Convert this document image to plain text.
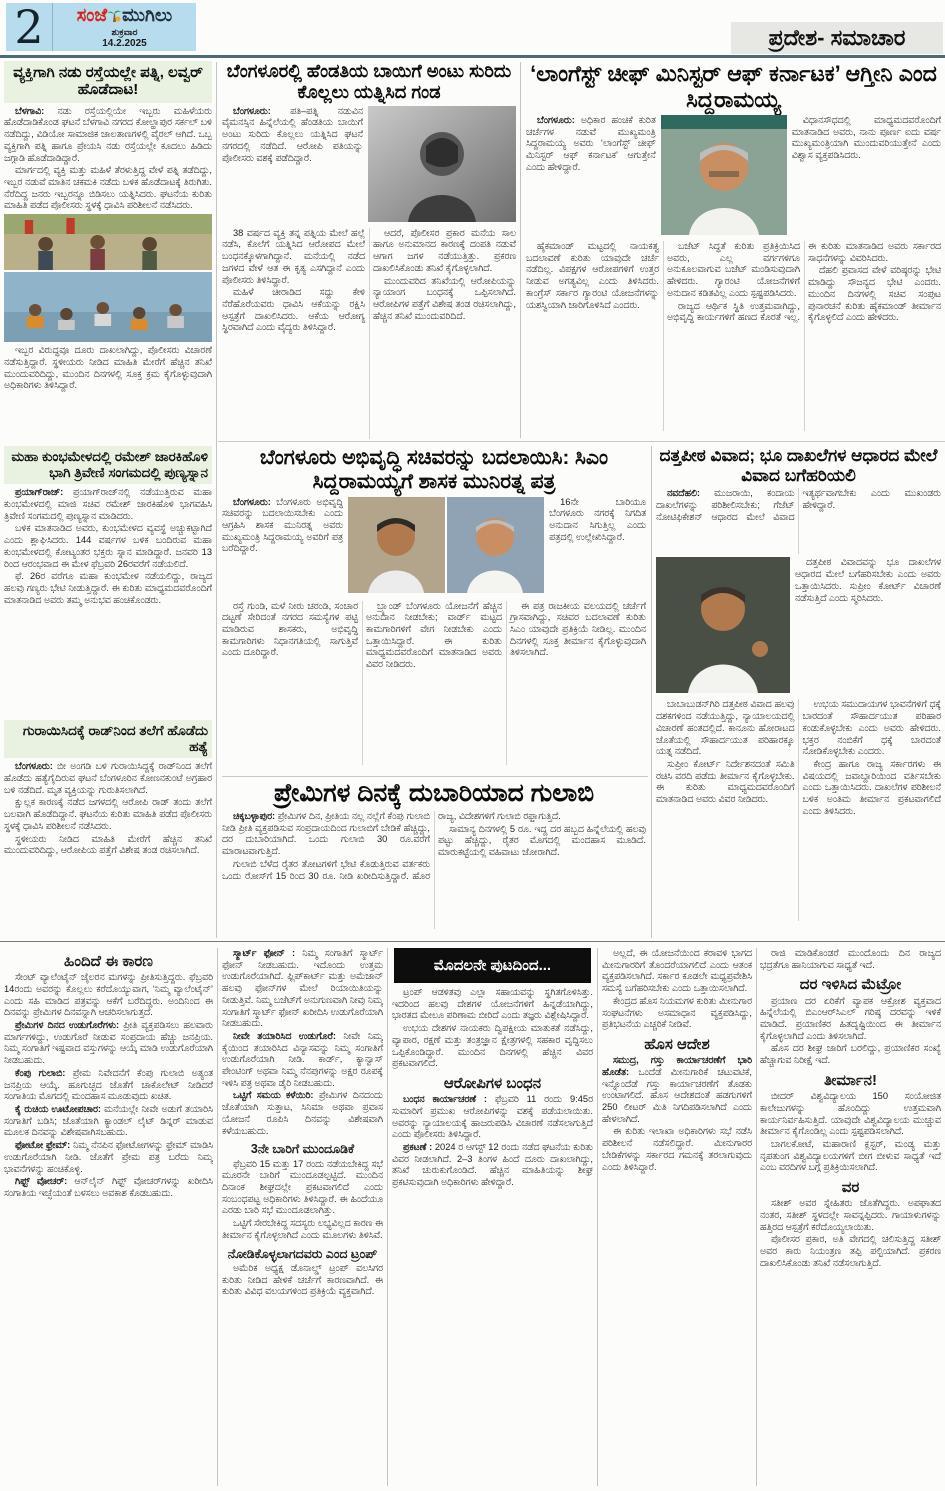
2	ಸಂಜೆ ಮುಗಿಲು
ಶುಕ್ರವಾರ
14.2.2025	ಪ್ರದೇಶ- ಸಮಾಚಾರ
ವ್ಯಕ್ತಿಗಾಗಿ ನಡು ರಸ್ತೆಯಲ್ಲೇ ಪತ್ನಿ, ಲವ್ವರ್ ಹೊಡೆದಾಟ!

ಬೆಳಗಾವಿ: ನಡು ರಸ್ತೆಯಲ್ಲಿಯೇ ಇಬ್ಬರು ಮಹಿಳೆಯರು ಹೊಡೆದಾಡಿಕೊಂಡ ಘಟನೆ ಬೆಳಗಾವಿ ನಗರದ ಕೋಲ್ಹಾಪುರ ಸರ್ಕಲ್ ಬಳಿ ನಡೆದಿದ್ದು, ವಿಡಿಯೋ ಸಾಮಾಜಿಕ ಜಾಲತಾಣಗಳಲ್ಲಿ ವೈರಲ್ ಆಗಿದೆ. ಒಬ್ಬ ವ್ಯಕ್ತಿಗಾಗಿ ಪತ್ನಿ ಹಾಗೂ ಪ್ರೇಯಸಿ ನಡು ರಸ್ತೆಯಲ್ಲೇ ಕೂದಲು ಹಿಡಿದು ಜಗ್ಗಾಡಿ ಹೊಡೆದಾಡಿದ್ದಾರೆ.

ಮಾರ್ಗದಲ್ಲಿ ವ್ಯಕ್ತಿ ಮತ್ತು ಮಹಿಳೆ ತೆರಳುತ್ತಿದ್ದ ವೇಳೆ ಪತ್ನಿ ತಡೆದಿದ್ದು, ಇಬ್ಬರ ನಡುವೆ ಮಾತಿನ ಚಕಮಕಿ ನಡೆದು ಬಳಿಕ ಹೊಡೆದಾಟಕ್ಕೆ ತಿರುಗಿತು. ನೆರೆದಿದ್ದ ಜನರು ಇಬ್ಬರನ್ನೂ ಬಿಡಿಸಲು ಯತ್ನಿಸಿದರು. ಘಟನೆಯ ಕುರಿತು ಮಾಹಿತಿ ಪಡೆದ ಪೊಲೀಸರು ಸ್ಥಳಕ್ಕೆ ಧಾವಿಸಿ ಪರಿಶೀಲನೆ ನಡೆಸಿದರು.

ಇಬ್ಬರ ವಿರುದ್ಧವೂ ದೂರು ದಾಖಲಾಗಿದ್ದು, ಪೊಲೀಸರು ವಿಚಾರಣೆ ನಡೆಸುತ್ತಿದ್ದಾರೆ. ಸ್ಥಳೀಯರು ನೀಡಿದ ಮಾಹಿತಿ ಮೇರೆಗೆ ಹೆಚ್ಚಿನ ತನಿಖೆ ಮುಂದುವರಿದಿದ್ದು, ಮುಂದಿನ ದಿನಗಳಲ್ಲಿ ಸೂಕ್ತ ಕ್ರಮ ಕೈಗೊಳ್ಳುವುದಾಗಿ ಅಧಿಕಾರಿಗಳು ತಿಳಿಸಿದ್ದಾರೆ.

ಬೆಂಗಳೂರಲ್ಲಿ ಹೆಂಡತಿಯ ಬಾಯಿಗೆ ಅಂಟು ಸುರಿದು ಕೊಲ್ಲಲು ಯತ್ನಿಸಿದ ಗಂಡ

ಬೆಂಗಳೂರು: ಪತಿ–ಪತ್ನಿ ನಡುವಿನ ವೈಮನಸ್ಸಿನ ಹಿನ್ನೆಲೆಯಲ್ಲಿ ಹೆಂಡತಿಯ ಬಾಯಿಗೆ ಅಂಟು ಸುರಿದು ಕೊಲ್ಲಲು ಯತ್ನಿಸಿದ ಘಟನೆ ನಗರದಲ್ಲಿ ನಡೆದಿದೆ. ಆರೋಪಿ ಪತಿಯನ್ನು ಪೊಲೀಸರು ವಶಕ್ಕೆ ಪಡೆದಿದ್ದಾರೆ.

38 ವರ್ಷದ ವ್ಯಕ್ತಿ ತನ್ನ ಪತ್ನಿಯ ಮೇಲೆ ಹಲ್ಲೆ ನಡೆಸಿ, ಕೊಲೆಗೆ ಯತ್ನಿಸಿದ ಆರೋಪದ ಮೇಲೆ ಬಂಧನಕ್ಕೊಳಗಾಗಿದ್ದಾನೆ. ಮನೆಯಲ್ಲಿ ನಡೆದ ಜಗಳದ ವೇಳೆ ಆತ ಈ ಕೃತ್ಯ ಎಸಗಿದ್ದಾನೆ ಎಂದು ಪೊಲೀಸರು ತಿಳಿಸಿದ್ದಾರೆ.

ಮಹಿಳೆ ಚೀರಾಡಿದ ಸದ್ದು ಕೇಳಿ ನೆರೆಹೊರೆಯವರು ಧಾವಿಸಿ ಆಕೆಯನ್ನು ರಕ್ಷಿಸಿ ಆಸ್ಪತ್ರೆಗೆ ದಾಖಲಿಸಿದರು. ಆಕೆಯ ಆರೋಗ್ಯ ಸ್ಥಿರವಾಗಿದೆ ಎಂದು ವೈದ್ಯರು ತಿಳಿಸಿದ್ದಾರೆ.

ಆದರೆ, ಪೊಲೀಸರ ಪ್ರಕಾರ ಮನೆಯ ಸಾಲ ಹಾಗೂ ಅನುಮಾನದ ಕಾರಣಕ್ಕೆ ದಂಪತಿ ನಡುವೆ ಆಗಾಗ ಜಗಳ ನಡೆಯುತ್ತಿತ್ತು. ಪ್ರಕರಣ ದಾಖಲಿಸಿಕೊಂಡು ತನಿಖೆ ಕೈಗೊಳ್ಳಲಾಗಿದೆ.

ಮುಂದುವರಿದ ತನಿಖೆಯಲ್ಲಿ ಆರೋಪಿಯನ್ನು ನ್ಯಾಯಾಂಗ ಬಂಧನಕ್ಕೆ ಒಪ್ಪಿಸಲಾಗಿದೆ. ಆರೋಪಿಗಳ ಪತ್ತೆಗೆ ವಿಶೇಷ ತಂಡ ರಚಿಸಲಾಗಿದ್ದು, ಹೆಚ್ಚಿನ ತನಿಖೆ ಮುಂದುವರಿದಿದೆ.

‘ಲಾಂಗೆಸ್ಟ್ ಚೀಫ್ ಮಿನಿಸ್ಟರ್ ಆಫ್ ಕರ್ನಾಟಕ’ ಆಗ್ತೀನಿ ಎಂದ ಸಿದ್ದರಾಮಯ್ಯ

ಬೆಂಗಳೂರು: ಅಧಿಕಾರ ಹಂಚಿಕೆ ಕುರಿತ ಚರ್ಚೆಗಳ ನಡುವೆ ಮುಖ್ಯಮಂತ್ರಿ ಸಿದ್ದರಾಮಯ್ಯ ಅವರು ‘ಲಾಂಗೆಸ್ಟ್ ಚೀಫ್ ಮಿನಿಸ್ಟರ್ ಆಫ್ ಕರ್ನಾಟಕ’ ಆಗುತ್ತೇನೆ ಎಂದು ಹೇಳಿದ್ದಾರೆ.

ವಿಧಾನಸೌಧದಲ್ಲಿ ಮಾಧ್ಯಮದವರೊಂದಿಗೆ ಮಾತನಾಡಿದ ಅವರು, ನಾನು ಪೂರ್ಣ ಐದು ವರ್ಷ ಮುಖ್ಯಮಂತ್ರಿಯಾಗಿ ಮುಂದುವರಿಯುತ್ತೇನೆ ಎಂದು ವಿಶ್ವಾಸ ವ್ಯಕ್ತಪಡಿಸಿದರು.

ಹೈಕಮಾಂಡ್ ಮಟ್ಟದಲ್ಲಿ ನಾಯಕತ್ವ ಬದಲಾವಣೆ ಕುರಿತು ಯಾವುದೇ ಚರ್ಚೆ ನಡೆದಿಲ್ಲ. ವಿಪಕ್ಷಗಳ ಆರೋಪಗಳಿಗೆ ಉತ್ತರ ನೀಡುವ ಅಗತ್ಯವಿಲ್ಲ ಎಂದು ತಿಳಿಸಿದರು. ಕಾಂಗ್ರೆಸ್ ಸರ್ಕಾರ ಗ್ಯಾರಂಟಿ ಯೋಜನೆಗಳನ್ನು ಯಶಸ್ವಿಯಾಗಿ ಜಾರಿಗೊಳಿಸಿದೆ ಎಂದರು.

ಬಜೆಟ್ ಸಿದ್ಧತೆ ಕುರಿತು ಪ್ರತಿಕ್ರಿಯಿಸಿದ ಅವರು, ಎಲ್ಲ ವರ್ಗಗಳಿಗೂ ಅನುಕೂಲವಾಗುವ ಬಜೆಟ್ ಮಂಡಿಸುವುದಾಗಿ ಹೇಳಿದರು. ಗ್ಯಾರಂಟಿ ಯೋಜನೆಗಳಿಗೆ ಅನುದಾನ ಕಡಿತವಿಲ್ಲ ಎಂದು ಸ್ಪಷ್ಟಪಡಿಸಿದರು.

ರಾಜ್ಯದ ಆರ್ಥಿಕ ಸ್ಥಿತಿ ಉತ್ತಮವಾಗಿದ್ದು, ಅಭಿವೃದ್ಧಿ ಕಾರ್ಯಗಳಿಗೆ ಹಣದ ಕೊರತೆ ಇಲ್ಲ. ಈ ಕುರಿತು ಮಾತನಾಡಿದ ಅವರು ಸರ್ಕಾರದ ಸಾಧನೆಗಳನ್ನು ವಿವರಿಸಿದರು.

ದೆಹಲಿ ಪ್ರವಾಸದ ವೇಳೆ ವರಿಷ್ಠರನ್ನು ಭೇಟಿ ಮಾಡಿದ್ದು ಸೌಜನ್ಯದ ಭೇಟಿ ಎಂದರು. ಮುಂದಿನ ದಿನಗಳಲ್ಲಿ ಸಚಿವ ಸಂಪುಟ ಪುನಾರಚನೆ ಕುರಿತು ಹೈಕಮಾಂಡ್ ತೀರ್ಮಾನ ಕೈಗೊಳ್ಳಲಿದೆ ಎಂದು ಹೇಳಿದರು.

ಮಹಾ ಕುಂಭಮೇಳದಲ್ಲಿ ರಮೇಶ್ ಜಾರಕಿಹೊಳಿ ಭಾಗಿ ತ್ರಿವೇಣಿ ಸಂಗಮದಲ್ಲಿ ಪುಣ್ಯಸ್ನಾನ

ಪ್ರಯಾಗ್‌ರಾಜ್: ಪ್ರಯಾಗ್‌ರಾಜ್‌ನಲ್ಲಿ ನಡೆಯುತ್ತಿರುವ ಮಹಾ ಕುಂಭಮೇಳದಲ್ಲಿ ಮಾಜಿ ಸಚಿವ ರಮೇಶ್ ಜಾರಕಿಹೊಳಿ ಭಾಗವಹಿಸಿ ತ್ರಿವೇಣಿ ಸಂಗಮದಲ್ಲಿ ಪುಣ್ಯಸ್ನಾನ ಮಾಡಿದರು.

ಬಳಿಕ ಮಾತನಾಡಿದ ಅವರು, ಕುಂಭಮೇಳದ ವ್ಯವಸ್ಥೆ ಅಚ್ಚುಕಟ್ಟಾಗಿದೆ ಎಂದು ಶ್ಲಾಘಿಸಿದರು. 144 ವರ್ಷಗಳ ಬಳಿಕ ಬಂದಿರುವ ಮಹಾ ಕುಂಭಮೇಳದಲ್ಲಿ ಕೋಟ್ಯಂತರ ಭಕ್ತರು ಸ್ನಾನ ಮಾಡಿದ್ದಾರೆ. ಜನವರಿ 13 ರಿಂದ ಆರಂಭವಾದ ಈ ಮೇಳ ಫೆಬ್ರವರಿ 26ರವರೆಗೆ ನಡೆಯಲಿದೆ.

ಫೆ. 26ರ ವರೆಗೂ ಮಹಾ ಕುಂಭಮೇಳ ನಡೆಯಲಿದ್ದು, ರಾಜ್ಯದ ಹಲವು ಗಣ್ಯರು ಭೇಟಿ ನೀಡುತ್ತಿದ್ದಾರೆ. ಈ ಕುರಿತು ಮಾಧ್ಯಮದವರೊಂದಿಗೆ ಮಾತನಾಡಿದ ಅವರು ತಮ್ಮ ಅನುಭವ ಹಂಚಿಕೊಂಡರು.

ಗುರಾಯಿಸಿದಕ್ಕೆ ರಾಡ್‌ನಿಂದ ತಲೆಗೆ ಹೊಡೆದು ಹತ್ಯೆ

ಬೆಂಗಳೂರು: ಬೀ ಅಂಗಡಿ ಬಳಿ ಗುರಾಯಿಸಿದ್ದಕ್ಕೆ ರಾಡ್‌ನಿಂದ ತಲೆಗೆ ಹೊಡೆದು ಹತ್ಯೆಗೈದಿರುವ ಘಟನೆ ಬೆಂಗಳೂರಿನ ಕೋಣನಕುಂಟೆ ಅಗ್ರಹಾರ ಬಳಿ ನಡೆದಿದೆ. ಮೃತ ವ್ಯಕ್ತಿಯನ್ನು ಗುರುತಿಸಲಾಗಿದೆ.

ಕ್ಷುಲ್ಲಕ ಕಾರಣಕ್ಕೆ ನಡೆದ ಜಗಳದಲ್ಲಿ ಆರೋಪಿ ರಾಡ್ ತಂದು ತಲೆಗೆ ಬಲವಾಗಿ ಹೊಡೆದಿದ್ದಾನೆ. ಘಟನೆಯ ಕುರಿತು ಮಾಹಿತಿ ಪಡೆದ ಪೊಲೀಸರು ಸ್ಥಳಕ್ಕೆ ಧಾವಿಸಿ ಪರಿಶೀಲನೆ ನಡೆಸಿದರು.

ಸ್ಥಳೀಯರು ನೀಡಿದ ಮಾಹಿತಿ ಮೇರೆಗೆ ಹೆಚ್ಚಿನ ತನಿಖೆ ಮುಂದುವರಿದಿದ್ದು, ಆರೋಪಿಯ ಪತ್ತೆಗೆ ವಿಶೇಷ ತಂಡ ರಚಿಸಲಾಗಿದೆ.

ಬೆಂಗಳೂರು ಅಭಿವೃದ್ಧಿ ಸಚಿವರನ್ನು ಬದಲಾಯಿಸಿ: ಸಿಎಂ ಸಿದ್ದರಾಮಯ್ಯಗೆ ಶಾಸಕ ಮುನಿರತ್ನ ಪತ್ರ

ಬೆಂಗಳೂರು: ಬೆಂಗಳೂರು ಅಭಿವೃದ್ಧಿ ಸಚಿವರನ್ನು ಬದಲಾಯಿಸಬೇಕು ಎಂದು ಆಗ್ರಹಿಸಿ ಶಾಸಕ ಮುನಿರತ್ನ ಅವರು ಮುಖ್ಯಮಂತ್ರಿ ಸಿದ್ದರಾಮಯ್ಯ ಅವರಿಗೆ ಪತ್ರ ಬರೆದಿದ್ದಾರೆ.

16ನೇ ಬಾರಿಯೂ ಬೆಂಗಳೂರು ನಗರಕ್ಕೆ ನಿಗದಿತ ಅನುದಾನ ಸಿಗುತ್ತಿಲ್ಲ ಎಂದು ಪತ್ರದಲ್ಲಿ ಉಲ್ಲೇಖಿಸಿದ್ದಾರೆ.

ರಸ್ತೆ ಗುಂಡಿ, ಮಳೆ ನೀರು ಚರಂಡಿ, ಸಂಚಾರ ದಟ್ಟಣೆ ಸೇರಿದಂತೆ ನಗರದ ಸಮಸ್ಯೆಗಳ ಪಟ್ಟಿ ಮಾಡಿರುವ ಶಾಸಕರು, ಅಭಿವೃದ್ಧಿ ಕಾಮಗಾರಿಗಳು ನಿಧಾನಗತಿಯಲ್ಲಿ ಸಾಗುತ್ತಿವೆ ಎಂದು ದೂರಿದ್ದಾರೆ.

ಬ್ರ್ಯಾಂಡ್ ಬೆಂಗಳೂರು ಯೋಜನೆಗೆ ಹೆಚ್ಚಿನ ಅನುದಾನ ನೀಡಬೇಕು; ವಾರ್ಡ್ ಮಟ್ಟದ ಕಾಮಗಾರಿಗಳಿಗೆ ವೇಗ ನೀಡಬೇಕು ಎಂದು ಒತ್ತಾಯಿಸಿದ್ದಾರೆ. ಈ ಕುರಿತು ಮಾಧ್ಯಮದವರೊಂದಿಗೆ ಮಾತನಾಡಿದ ಅವರು ವಿವರ ನೀಡಿದರು.

ಈ ಪತ್ರ ರಾಜಕೀಯ ವಲಯದಲ್ಲಿ ಚರ್ಚೆಗೆ ಗ್ರಾಸವಾಗಿದ್ದು, ಸಚಿವರ ಬದಲಾವಣೆ ಕುರಿತು ಸಿಎಂ ಯಾವುದೇ ಪ್ರತಿಕ್ರಿಯೆ ನೀಡಿಲ್ಲ. ಮುಂದಿನ ದಿನಗಳಲ್ಲಿ ಸೂಕ್ತ ತೀರ್ಮಾನ ಕೈಗೊಳ್ಳುವುದಾಗಿ ತಿಳಿಸಲಾಗಿದೆ.

ದತ್ತಪೀಠ ವಿವಾದ; ಭೂ ದಾಖಲೆಗಳ ಆಧಾರದ ಮೇಲೆ ವಿವಾದ ಬಗೆಹರಿಯಲಿ

ನವದೆಹಲಿ: ಮುಜರಾಯಿ, ಕಂದಾಯ ದಾಖಲೆಗಳನ್ನು ಪರಿಶೀಲಿಸಬೇಕು; ಗೆಜೆಟ್ ನೋಟಿಫಿಕೇಶನ್ ಆಧಾರದ ಮೇಲೆ ವಿವಾದ ಇತ್ಯರ್ಥವಾಗಬೇಕು ಎಂದು ಮುಖಂಡರು ಹೇಳಿದ್ದಾರೆ.

ದತ್ತಪೀಠ ವಿವಾದವನ್ನು ಭೂ ದಾಖಲೆಗಳ ಆಧಾರದ ಮೇಲೆ ಬಗೆಹರಿಸಬೇಕು ಎಂದು ಅವರು ಒತ್ತಾಯಿಸಿದರು. ಸುಪ್ರೀಂ ಕೋರ್ಟ್ ವಿಚಾರಣೆ ನಡೆಸುತ್ತಿದೆ ಎಂದು ಸ್ಮರಿಸಿದರು.

ಬಾಬಾಬುಡನ್‌ಗಿರಿ ದತ್ತಪೀಠ ವಿವಾದ ಹಲವು ದಶಕಗಳಿಂದ ನಡೆಯುತ್ತಿದ್ದು, ನ್ಯಾಯಾಲಯದಲ್ಲಿ ವಿಚಾರಣೆ ಹಂತದಲ್ಲಿದೆ. ಕಾನೂನು ಹೋರಾಟದ ಜೊತೆಯಲ್ಲಿ ಸೌಹಾರ್ದಯುತ ಪರಿಹಾರಕ್ಕೂ ಯತ್ನ ನಡೆದಿದೆ.

ಸುಪ್ರೀಂ ಕೋರ್ಟ್ ನಿರ್ದೇಶನದಂತೆ ಸಮಿತಿ ರಚಿಸಿ ವರದಿ ಪಡೆದು ತೀರ್ಮಾನ ಕೈಗೊಳ್ಳಬೇಕು. ಈ ಕುರಿತು ಮಾಧ್ಯಮದವರೊಂದಿಗೆ ಮಾತನಾಡಿದ ಅವರು ವಿವರ ನೀಡಿದರು.

ಉಭಯ ಸಮುದಾಯಗಳ ಭಾವನೆಗಳಿಗೆ ಧಕ್ಕೆ ಬಾರದಂತೆ ಸೌಹಾರ್ದಯುತ ಪರಿಹಾರ ಕಂಡುಕೊಳ್ಳಬೇಕು ಎಂದು ಅವರು ಹೇಳಿದರು. ಭಕ್ತರ ನಂಬಿಕೆಗೆ ಧಕ್ಕೆ ಬಾರದಂತೆ ನೋಡಿಕೊಳ್ಳಬೇಕು ಎಂದರು.

ಕೇಂದ್ರ ಹಾಗೂ ರಾಜ್ಯ ಸರ್ಕಾರಗಳು ಈ ವಿಷಯದಲ್ಲಿ ಜವಾಬ್ದಾರಿಯಿಂದ ವರ್ತಿಸಬೇಕು ಎಂದು ಒತ್ತಾಯಿಸಿದರು. ದಾಖಲೆಗಳ ಪರಿಶೀಲನೆ ಬಳಿಕ ಅಂತಿಮ ತೀರ್ಮಾನ ಪ್ರಕಟವಾಗಲಿದೆ ಎಂದು ತಿಳಿಸಿದರು.

ಪ್ರೇಮಿಗಳ ದಿನಕ್ಕೆ ದುಬಾರಿಯಾದ ಗುಲಾಬಿ

ಚಿಕ್ಕಬಳ್ಳಾಪುರ: ಪ್ರೇಮಿಗಳ ದಿನ, ಪ್ರೀತಿಯ ನಲ್ಲ ನಲ್ಲೆಗೆ ಕೆಂಪು ಗುಲಾಬಿ ನೀಡಿ ಪ್ರೀತಿ ವ್ಯಕ್ತಪಡಿಸುವ ಸಂಪ್ರದಾಯದಿಂದ ಗುಲಾಬಿಗೆ ಬೇಡಿಕೆ ಹೆಚ್ಚಿದ್ದು, ದರ ದುಬಾರಿಯಾಗಿದೆ. ಒಂದು ಗುಲಾಬಿ 30 ರೂ.ವರೆಗೆ ಮಾರಾಟವಾಗುತ್ತಿದೆ.

ಗುಲಾಬಿ ಬೆಳೆದ ರೈತರ ತೋಟಗಳಿಗೆ ಭೇಟಿ ಕೊಡುತ್ತಿರುವ ವರ್ತಕರು ಒಂದು ರೋಸ್‌ಗೆ 15 ರಿಂದ 30 ರೂ. ನೀಡಿ ಖರೀದಿಸುತ್ತಿದ್ದಾರೆ. ಹೊರ ರಾಜ್ಯ, ವಿದೇಶಗಳಿಗೆ ಗುಲಾಬಿ ರಫ್ತಾಗುತ್ತಿದೆ.

ಸಾಮಾನ್ಯ ದಿನಗಳಲ್ಲಿ 5 ರೂ. ಇದ್ದ ದರ ಹಬ್ಬದ ಹಿನ್ನೆಲೆಯಲ್ಲಿ ಹಲವು ಪಟ್ಟು ಹೆಚ್ಚಿದ್ದು, ರೈತರ ಮೊಗದಲ್ಲಿ ಮಂದಹಾಸ ಮೂಡಿದೆ. ಮಾರುಕಟ್ಟೆಯಲ್ಲಿ ವಹಿವಾಟು ಜೋರಾಗಿದೆ.

ಹಿಂದಿದೆ ಈ ಕಾರಣ

ಸೇಂಟ್ ವ್ಯಾಲೆಂಟೈನ್ ಜೈಲರನ ಮಗಳನ್ನು ಪ್ರೀತಿಸುತ್ತಿದ್ದರು. ಫೆಬ್ರವರಿ 14ರಂದು ಅವರನ್ನು ಕೊಲ್ಲಲು ಕರೆದೊಯ್ಯುವಾಗ, ‘ನಿಮ್ಮ ವ್ಯಾಲೆಂಟೈನ್’ ಎಂದು ಸಹಿ ಮಾಡಿದ ಪತ್ರವನ್ನು ಆಕೆಗೆ ಬರೆದಿದ್ದರು. ಅಂದಿನಿಂದ ಈ ದಿನವನ್ನು ಪ್ರೇಮಿಗಳ ದಿನವನ್ನಾಗಿ ಆಚರಿಸಲಾಗುತ್ತದೆ.

ಪ್ರೇಮಿಗಳ ದಿನದ ಉಡುಗೊರೆಗಳು: ಪ್ರೀತಿ ವ್ಯಕ್ತಪಡಿಸಲು ಹಲವಾರು ಮಾರ್ಗಗಳಿದ್ದು, ಉಡುಗೊರೆ ನೀಡುವ ಸಂಪ್ರದಾಯ ಹೆಚ್ಚು ಜನಪ್ರಿಯ. ನಿಮ್ಮ ಸಂಗಾತಿಗೆ ಇಷ್ಟವಾದ ವಸ್ತುಗಳನ್ನು ಆಯ್ಕೆ ಮಾಡಿ ಉಡುಗೊರೆಯಾಗಿ ನೀಡಬಹುದು.

ಕೆಂಪು ಗುಲಾಬಿ: ಪ್ರೇಮ ನಿವೇದನೆಗೆ ಕೆಂಪು ಗುಲಾಬಿ ಅತ್ಯಂತ ಜನಪ್ರಿಯ ಆಯ್ಕೆ. ಹೂಗುಚ್ಛದ ಜೊತೆಗೆ ಚಾಕೊಲೇಟ್ ನೀಡಿದರೆ ಸಂಗಾತಿಯ ಮೊಗದಲ್ಲಿ ಮಂದಹಾಸ ಮೂಡುವುದು ಖಚಿತ.

ಕೈ ರುಚಿಯ ಊಟೋಪಚಾರ: ಮನೆಯಲ್ಲೇ ನೀವೇ ಅಡುಗೆ ತಯಾರಿಸಿ ಸಂಗಾತಿಗೆ ಬಡಿಸಿ; ಜೊತೆಯಾಗಿ ಕ್ಯಾಂಡಲ್ ಲೈಟ್ ಡಿನ್ನರ್ ಮಾಡುವ ಮೂಲಕ ದಿನವನ್ನು ವಿಶೇಷವಾಗಿಸಬಹುದು.

ಫೋಟೋ ಫ್ರೇಮ್: ನಿಮ್ಮ ನೆನಪಿನ ಫೋಟೋಗಳನ್ನು ಫ್ರೇಮ್ ಮಾಡಿಸಿ ಉಡುಗೊರೆಯಾಗಿ ನೀಡಿ. ಜೊತೆಗೆ ಪ್ರೇಮ ಪತ್ರ ಬರೆದು ನಿಮ್ಮ ಭಾವನೆಗಳನ್ನು ಹಂಚಿಕೊಳ್ಳಿ.

ಗಿಫ್ಟ್ ವೋಚರ್: ಆನ್‌ಲೈನ್ ಗಿಫ್ಟ್ ವೋಚರ್‌ಗಳನ್ನು ಖರೀದಿಸಿ ಸಂಗಾತಿಯ ಇಚ್ಛೆಯಂತೆ ಬಳಸಲು ಅವಕಾಶ ಕೊಡಬಹುದು.

ಸ್ಮಾರ್ಟ್ ಫೋನ್ : ನಿಮ್ಮ ಸಂಗಾತಿಗೆ ಸ್ಮಾರ್ಟ್ ಫೋನ್ ನೀಡಬಹುದು. ಇದೊಂದು ಉತ್ತಮ ಉಡುಗೊರೆಯಾಗಿದೆ. ಫ್ಲಿಪ್‌ಕಾರ್ಟ್ ಮತ್ತು ಅಮೆಜಾನ್ ಹಲವು ಫೋನ್‌ಗಳ ಮೇಲೆ ರಿಯಾಯಿತಿಯನ್ನು ನೀಡುತ್ತಿವೆ. ನಿಮ್ಮ ಬಜೆಟ್‌ಗೆ ಅನುಗುಣವಾಗಿ ನೀವು ನಿಮ್ಮ ಸಂಗಾತಿಗೆ ಸ್ಮಾರ್ಟ್ ಫೋನ್ ಖರೀದಿಸಿ ಉಡುಗೊರೆಯಾಗಿ ನೀಡಬಹುದು.

ನೀವೇ ತಯಾರಿಸಿದ ಉಡುಗೊರೆ: ನೀವೇ ನಿಮ್ಮ ಕೈಯಿಂದ ತಯಾರಿಸಿದ ವಿನ್ಯಾಸವನ್ನು ನಿಮ್ಮ ಸಂಗಾತಿಗೆ ಉಡುಗೊರೆಯಾಗಿ ನೀಡಿ. ಕಾರ್ಡ್, ಕ್ಯಾನ್ವಾಸ್ ಪೇಂಟಿಂಗ್ ಅಥವಾ ನಿಮ್ಮ ನೆನಪುಗಳನ್ನು ಅಕ್ಷರ ರೂಪಕ್ಕೆ ಇಳಿಸಿ ಪತ್ರ ಅಥವಾ ಡೈರಿ ನೀಡಬಹುದು.

ಒಟ್ಟಿಗೆ ಸಮಯ ಕಳೆಯಿರಿ: ಪ್ರೇಮಿಗಳ ದಿನದಂದು ಜೊತೆಯಾಗಿ ಸುತ್ತಾಟ, ಸಿನಿಮಾ ಅಥವಾ ಪ್ರವಾಸ ಯೋಜನೆ ರೂಪಿಸಿ ದಿನವನ್ನು ವಿಶೇಷವಾಗಿ ಕಳೆಯಬಹುದು.

3ನೇ ಬಾರಿಗೆ ಮುಂದೂಡಿಕೆ

ಫೆಬ್ರವರಿ 15 ಮತ್ತು 17 ರಂದು ನಡೆಯಬೇಕಿದ್ದ ಸಭೆ ಮೂರನೇ ಬಾರಿಗೆ ಮುಂದೂಡಲ್ಪಟ್ಟಿದೆ. ಮುಂದಿನ ದಿನಾಂಕ ಶೀಘ್ರದಲ್ಲೇ ಪ್ರಕಟವಾಗಲಿದೆ ಎಂದು ಸಂಬಂಧಪಟ್ಟ ಅಧಿಕಾರಿಗಳು ತಿಳಿಸಿದ್ದಾರೆ. ಈ ಹಿಂದೆಯೂ ಎರಡು ಬಾರಿ ಸಭೆ ಮುಂದೂಡಲಾಗಿತ್ತು.

ಒಟ್ಟಿಗೆ ಸೇರಬೇಕಿದ್ದ ಸದಸ್ಯರು ಲಭ್ಯವಿಲ್ಲದ ಕಾರಣ ಈ ತೀರ್ಮಾನ ಕೈಗೊಳ್ಳಲಾಗಿದೆ ಎಂದು ಮೂಲಗಳು ತಿಳಿಸಿವೆ.

ನೋಡಿಕೊಳ್ಳಲಾಗದವರು ಎಂದ ಟ್ರಂಪ್

ಅಮೆರಿಕ ಅಧ್ಯಕ್ಷ ಡೊನಾಲ್ಡ್ ಟ್ರಂಪ್ ವಲಸಿಗರ ಕುರಿತು ನೀಡಿದ ಹೇಳಿಕೆ ಚರ್ಚೆಗೆ ಕಾರಣವಾಗಿದೆ. ಈ ಕುರಿತು ವಿವಿಧ ವಲಯಗಳಿಂದ ಪ್ರತಿಕ್ರಿಯೆ ವ್ಯಕ್ತವಾಗಿದೆ.

ಮೊದಲನೇ ಪುಟದಿಂದ...

ಟ್ರಂಪ್ ಆಡಳಿತವು ಎಲ್ಲಾ ಸಹಾಯವನ್ನು ಸ್ಥಗಿತಗೊಳಿಸಿತ್ತು. ಇದರಿಂದ ಹಲವು ದೇಶಗಳ ಯೋಜನೆಗಳಿಗೆ ಹಿನ್ನಡೆಯಾಗಿದ್ದು, ಭಾರತದ ಮೇಲೂ ಪರಿಣಾಮ ಬೀರಿದೆ ಎಂದು ತಜ್ಞರು ವಿಶ್ಲೇಷಿಸಿದ್ದಾರೆ.

ಉಭಯ ದೇಶಗಳ ನಾಯಕರು ದ್ವಿಪಕ್ಷೀಯ ಮಾತುಕತೆ ನಡೆಸಿದ್ದು, ವ್ಯಾಪಾರ, ರಕ್ಷಣೆ ಮತ್ತು ತಂತ್ರಜ್ಞಾನ ಕ್ಷೇತ್ರಗಳಲ್ಲಿ ಸಹಕಾರ ವೃದ್ಧಿಸಲು ಒಪ್ಪಿಕೊಂಡಿದ್ದಾರೆ. ಮುಂದಿನ ದಿನಗಳಲ್ಲಿ ಹೆಚ್ಚಿನ ವಿವರ ಪ್ರಕಟವಾಗಲಿದೆ.

ಆರೋಪಿಗಳ ಬಂಧನ

ಬಂಧನ ಕಾರ್ಯಾಚರಣೆ : ಫೆಬ್ರವರಿ 11 ರಂದು 9:45ರ ಸುಮಾರಿಗೆ ಪ್ರಮುಖ ಆರೋಪಿಗಳನ್ನು ವಶಕ್ಕೆ ಪಡೆಯಲಾಯಿತು. ಅವರನ್ನು ನ್ಯಾಯಾಲಯಕ್ಕೆ ಹಾಜರುಪಡಿಸಿ ವಿಚಾರಣೆ ನಡೆಸಲಾಗುತ್ತಿದೆ ಎಂದು ಪೊಲೀಸರು ತಿಳಿಸಿದ್ದಾರೆ.

ಪ್ರಕಟಣೆ : 2024 ರ ಆಗಸ್ಟ್ 12 ರಂದು ನಡೆದ ಘಟನೆಯ ಕುರಿತು ವಿವರ ನೀಡಲಾಗಿದೆ. 2–3 ತಿಂಗಳ ಹಿಂದೆ ದೂರು ದಾಖಲಾಗಿದ್ದು, ತನಿಖೆ ಚುರುಕುಗೊಂಡಿದೆ. ಹೆಚ್ಚಿನ ಮಾಹಿತಿಯನ್ನು ಶೀಘ್ರ ಪ್ರಕಟಿಸುವುದಾಗಿ ಅಧಿಕಾರಿಗಳು ಹೇಳಿದ್ದಾರೆ.

ಅಲ್ಲದೆ, ಈ ಯೋಜನೆಯಿಂದ ಕರಾವಳಿ ಭಾಗದ ಮೀನುಗಾರರಿಗೆ ತೊಂದರೆಯಾಗಲಿದೆ ಎಂದು ಆತಂಕ ವ್ಯಕ್ತಪಡಿಸಲಾಗಿದೆ. ಸರ್ಕಾರ ಕೂಡಲೇ ಮಧ್ಯಪ್ರವೇಶಿಸಿ ಸಮಸ್ಯೆ ಬಗೆಹರಿಸಬೇಕು ಎಂದು ಒತ್ತಾಯಿಸಲಾಗಿದೆ.

ಕೇಂದ್ರದ ಹೊಸ ನಿಯಮಗಳ ಕುರಿತು ಮೀನುಗಾರ ಸಂಘಟನೆಗಳು ಅಸಮಾಧಾನ ವ್ಯಕ್ತಪಡಿಸಿದ್ದು, ಪ್ರತಿಭಟನೆಯ ಎಚ್ಚರಿಕೆ ನೀಡಿವೆ.

ಹೊಸ ಆದೇಶ

ಸಮುದ್ರ, ಗಸ್ತು ಕಾರ್ಯಾಚರಣೆಗೆ ಭಾರಿ ಹೊಡೆತ: ಒಂದೆಡೆ ಮೀನುಗಾರಿಕೆ ಚಟುವಟಿಕೆ, ಇನ್ನೊಂದೆಡೆ ಗಸ್ತು ಕಾರ್ಯಾಚರಣೆಗೆ ತೊಡಕು ಉಂಟಾಗಲಿದೆ. ಹೊಸ ಆದೇಶದಂತೆ ಹಡಗುಗಳಿಗೆ 250 ಲೀಟರ್ ಮಿತಿ ನಿಗದಿಪಡಿಸಲಾಗಿದೆ ಎಂದು ಹೇಳಲಾಗಿದೆ.

ಈ ಕುರಿತು ಇಲಾಖಾ ಅಧಿಕಾರಿಗಳು ಸಭೆ ನಡೆಸಿ ಪರಿಶೀಲನೆ ನಡೆಸಲಿದ್ದಾರೆ. ಮೀನುಗಾರರ ಬೇಡಿಕೆಗಳನ್ನು ಸರ್ಕಾರದ ಗಮನಕ್ಕೆ ತರಲಾಗುವುದು ಎಂದು ತಿಳಿಸಿದ್ದಾರೆ.

ರಾಜಿ ಮಾಡಿಕೊಂಡರೆ ಮುಂದೊಂದು ದಿನ ರಾಜ್ಯದ ಭದ್ರತೆಗೂ ಹಾನಿಯಾಗುವ ಸಾಧ್ಯತೆ ಇದೆ.

ದರ ಇಳಿಸಿದ ಮೆಟ್ರೋ

ಪ್ರಯಾಣ ದರ ಏರಿಕೆಗೆ ವ್ಯಾಪಕ ಆಕ್ರೋಶ ವ್ಯಕ್ತವಾದ ಹಿನ್ನೆಲೆಯಲ್ಲಿ ಬಿಎಂಆರ್‌ಸಿಎಲ್ ಗರಿಷ್ಠ ದರವನ್ನು ಇಳಿಕೆ ಮಾಡಿದೆ. ಪ್ರಯಾಣಿಕರ ಹಿತದೃಷ್ಟಿಯಿಂದ ಈ ತೀರ್ಮಾನ ಕೈಗೊಳ್ಳಲಾಗಿದೆ ಎಂದು ತಿಳಿಸಲಾಗಿದೆ.

ಹೊಸ ದರ ಶೀಘ್ರ ಜಾರಿಗೆ ಬರಲಿದ್ದು, ಪ್ರಯಾಣಿಕರ ಸಂಖ್ಯೆ ಹೆಚ್ಚಾಗುವ ನಿರೀಕ್ಷೆ ಇದೆ.

ತೀರ್ಮಾನ!

ಬೀದರ್ ವಿಶ್ವವಿದ್ಯಾಲಯ 150 ಸಂಯೋಜಿತ ಕಾಲೇಜುಗಳನ್ನು ಹೊಂದಿದ್ದು ಉತ್ತಮವಾಗಿ ಕಾರ್ಯನಿರ್ವಹಿಸುತ್ತಿದೆ. ಯಾವುದೇ ವಿಶ್ವವಿದ್ಯಾಲಯ ಮುಚ್ಚುವ ತೀರ್ಮಾನ ಕೈಗೊಂಡಿಲ್ಲ ಎಂದು ಸ್ಪಷ್ಟಪಡಿಸಲಾಗಿದೆ.

ಬಾಗಲಕೋಟೆ, ಮಹಾರಾಣಿ ಕ್ಲಸ್ಟರ್, ಮಂಡ್ಯ ಮತ್ತು ನೃಪತುಂಗ ವಿಶ್ವವಿದ್ಯಾಲಯಗಳಿಗೆ ಬೀಗ ಬೀಳುವ ಸಾಧ್ಯತೆ ಇದೆ ಎಂಬ ವರದಿಗಳ ಬಗ್ಗೆ ಪ್ರತಿಕ್ರಿಯಿಸಲಾಗಿದೆ.

ವರ

ಸತೀಶ್ ಅವರ ಸ್ನೇಹಿತರು ಜೊತೆಗಿದ್ದರು. ಅಪಘಾತದ ನಂತರ, ಸತೀಶ್ ಸ್ಥಳದಲ್ಲೇ ಸಾವನ್ನಪ್ಪಿದರು. ಗಾಯಾಳುಗಳನ್ನು ಹತ್ತಿರದ ಆಸ್ಪತ್ರೆಗೆ ಕರೆದೊಯ್ಯಲಾಯಿತು.

ಪೊಲೀಸರ ಪ್ರಕಾರ, ಅತಿ ವೇಗದಲ್ಲಿ ಚಲಿಸುತ್ತಿದ್ದ ಸತೀಶ್ ಅವರ ಕಾರು ನಿಯಂತ್ರಣ ತಪ್ಪಿ ಪಲ್ಟಿಯಾಗಿದೆ. ಪ್ರಕರಣ ದಾಖಲಿಸಿಕೊಂಡು ತನಿಖೆ ನಡೆಸಲಾಗುತ್ತಿದೆ.
